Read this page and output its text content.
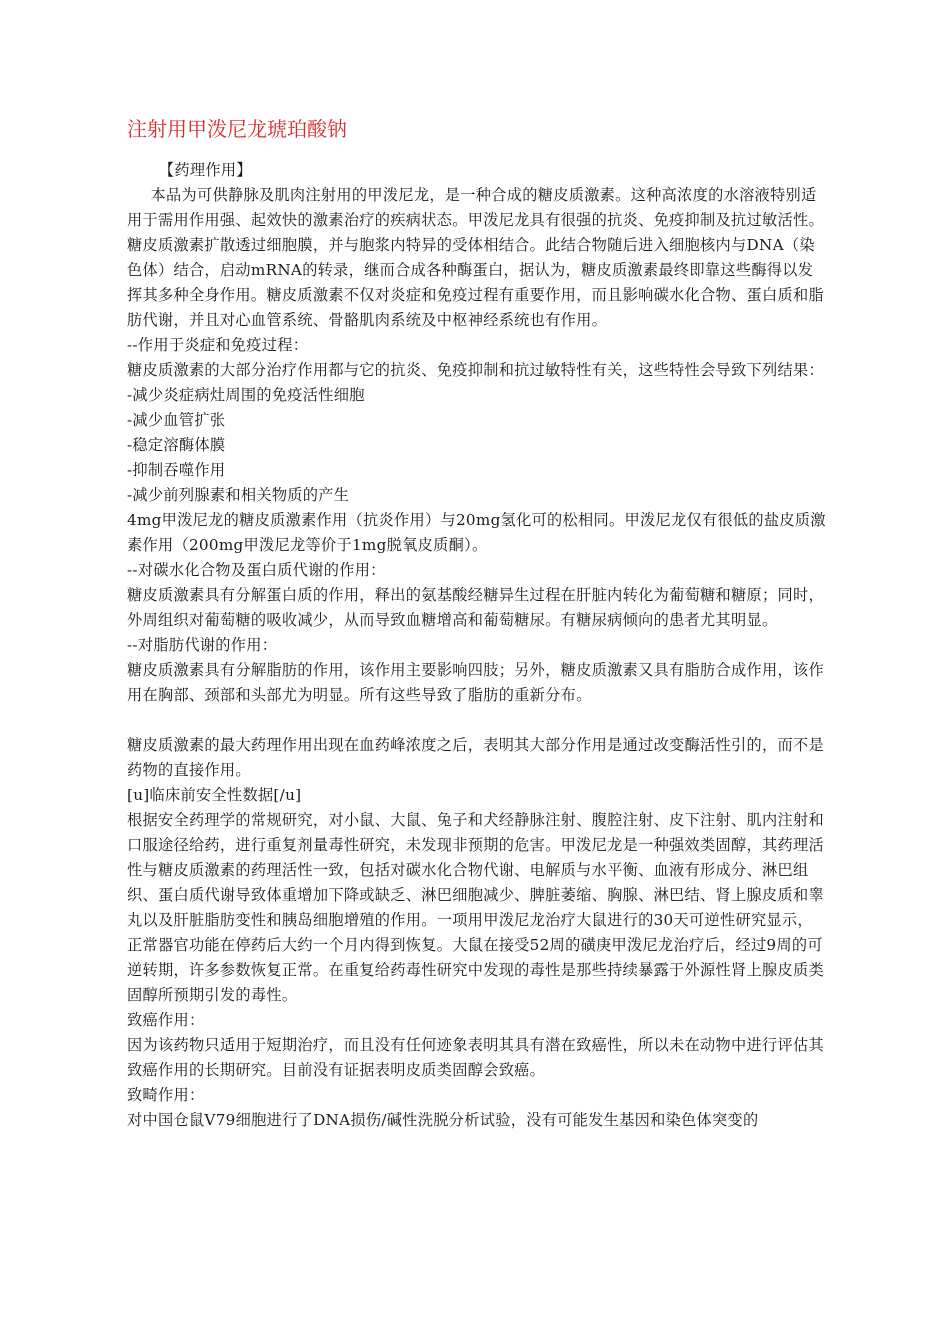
注射用甲泼尼龙琥珀酸钠

【药理作用】

本品为可供静脉及肌肉注射用的甲泼尼龙，是一种合成的糖皮质激素。这种高浓度的水溶液特别适用于需用作用强、起效快的激素治疗的疾病状态。甲泼尼龙具有很强的抗炎、免疫抑制及抗过敏活性。

糖皮质激素扩散透过细胞膜，并与胞浆内特异的受体相结合。此结合物随后进入细胞核内与DNA（染色体）结合，启动mRNA的转录，继而合成各种酶蛋白，据认为，糖皮质激素最终即靠这些酶得以发挥其多种全身作用。糖皮质激素不仅对炎症和免疫过程有重要作用，而且影响碳水化合物、蛋白质和脂肪代谢，并且对心血管系统、骨骼肌肉系统及中枢神经系统也有作用。

--作用于炎症和免疫过程：

糖皮质激素的大部分治疗作用都与它的抗炎、免疫抑制和抗过敏特性有关，这些特性会导致下列结果：

-减少炎症病灶周围的免疫活性细胞

-减少血管扩张

-稳定溶酶体膜

-抑制吞噬作用

-减少前列腺素和相关物质的产生

4mg甲泼尼龙的糖皮质激素作用（抗炎作用）与20mg氢化可的松相同。甲泼尼龙仅有很低的盐皮质激素作用（200mg甲泼尼龙等价于1mg脱氧皮质酮）。

--对碳水化合物及蛋白质代谢的作用：

糖皮质激素具有分解蛋白质的作用，释出的氨基酸经糖异生过程在肝脏内转化为葡萄糖和糖原；同时，外周组织对葡萄糖的吸收减少，从而导致血糖增高和葡萄糖尿。有糖尿病倾向的患者尤其明显。

--对脂肪代谢的作用：

糖皮质激素具有分解脂肪的作用，该作用主要影响四肢；另外，糖皮质激素又具有脂肪合成作用，该作用在胸部、颈部和头部尤为明显。所有这些导致了脂肪的重新分布。

糖皮质激素的最大药理作用出现在血药峰浓度之后，表明其大部分作用是通过改变酶活性引的，而不是药物的直接作用。

[u]临床前安全性数据[/u]

根据安全药理学的常规研究，对小鼠、大鼠、兔子和犬经静脉注射、腹腔注射、皮下注射、肌内注射和口服途径给药，进行重复剂量毒性研究，未发现非预期的危害。甲泼尼龙是一种强效类固醇，其药理活性与糖皮质激素的药理活性一致，包括对碳水化合物代谢、电解质与水平衡、血液有形成分、淋巴组织、蛋白质代谢导致体重增加下降或缺乏、淋巴细胞减少、脾脏萎缩、胸腺、淋巴结、肾上腺皮质和睾丸以及肝脏脂肪变性和胰岛细胞增殖的作用。一项用甲泼尼龙治疗大鼠进行的30天可逆性研究显示，正常器官功能在停药后大约一个月内得到恢复。大鼠在接受52周的磺庚甲泼尼龙治疗后，经过9周的可逆转期，许多参数恢复正常。在重复给药毒性研究中发现的毒性是那些持续暴露于外源性肾上腺皮质类固醇所预期引发的毒性。

致癌作用：

因为该药物只适用于短期治疗，而且没有任何迹象表明其具有潜在致癌性，所以未在动物中进行评估其致癌作用的长期研究。目前没有证据表明皮质类固醇会致癌。

致畸作用：

对中国仓鼠V79细胞进行了DNA损伤/碱性洗脱分析试验，没有可能发生基因和染色体突变的
